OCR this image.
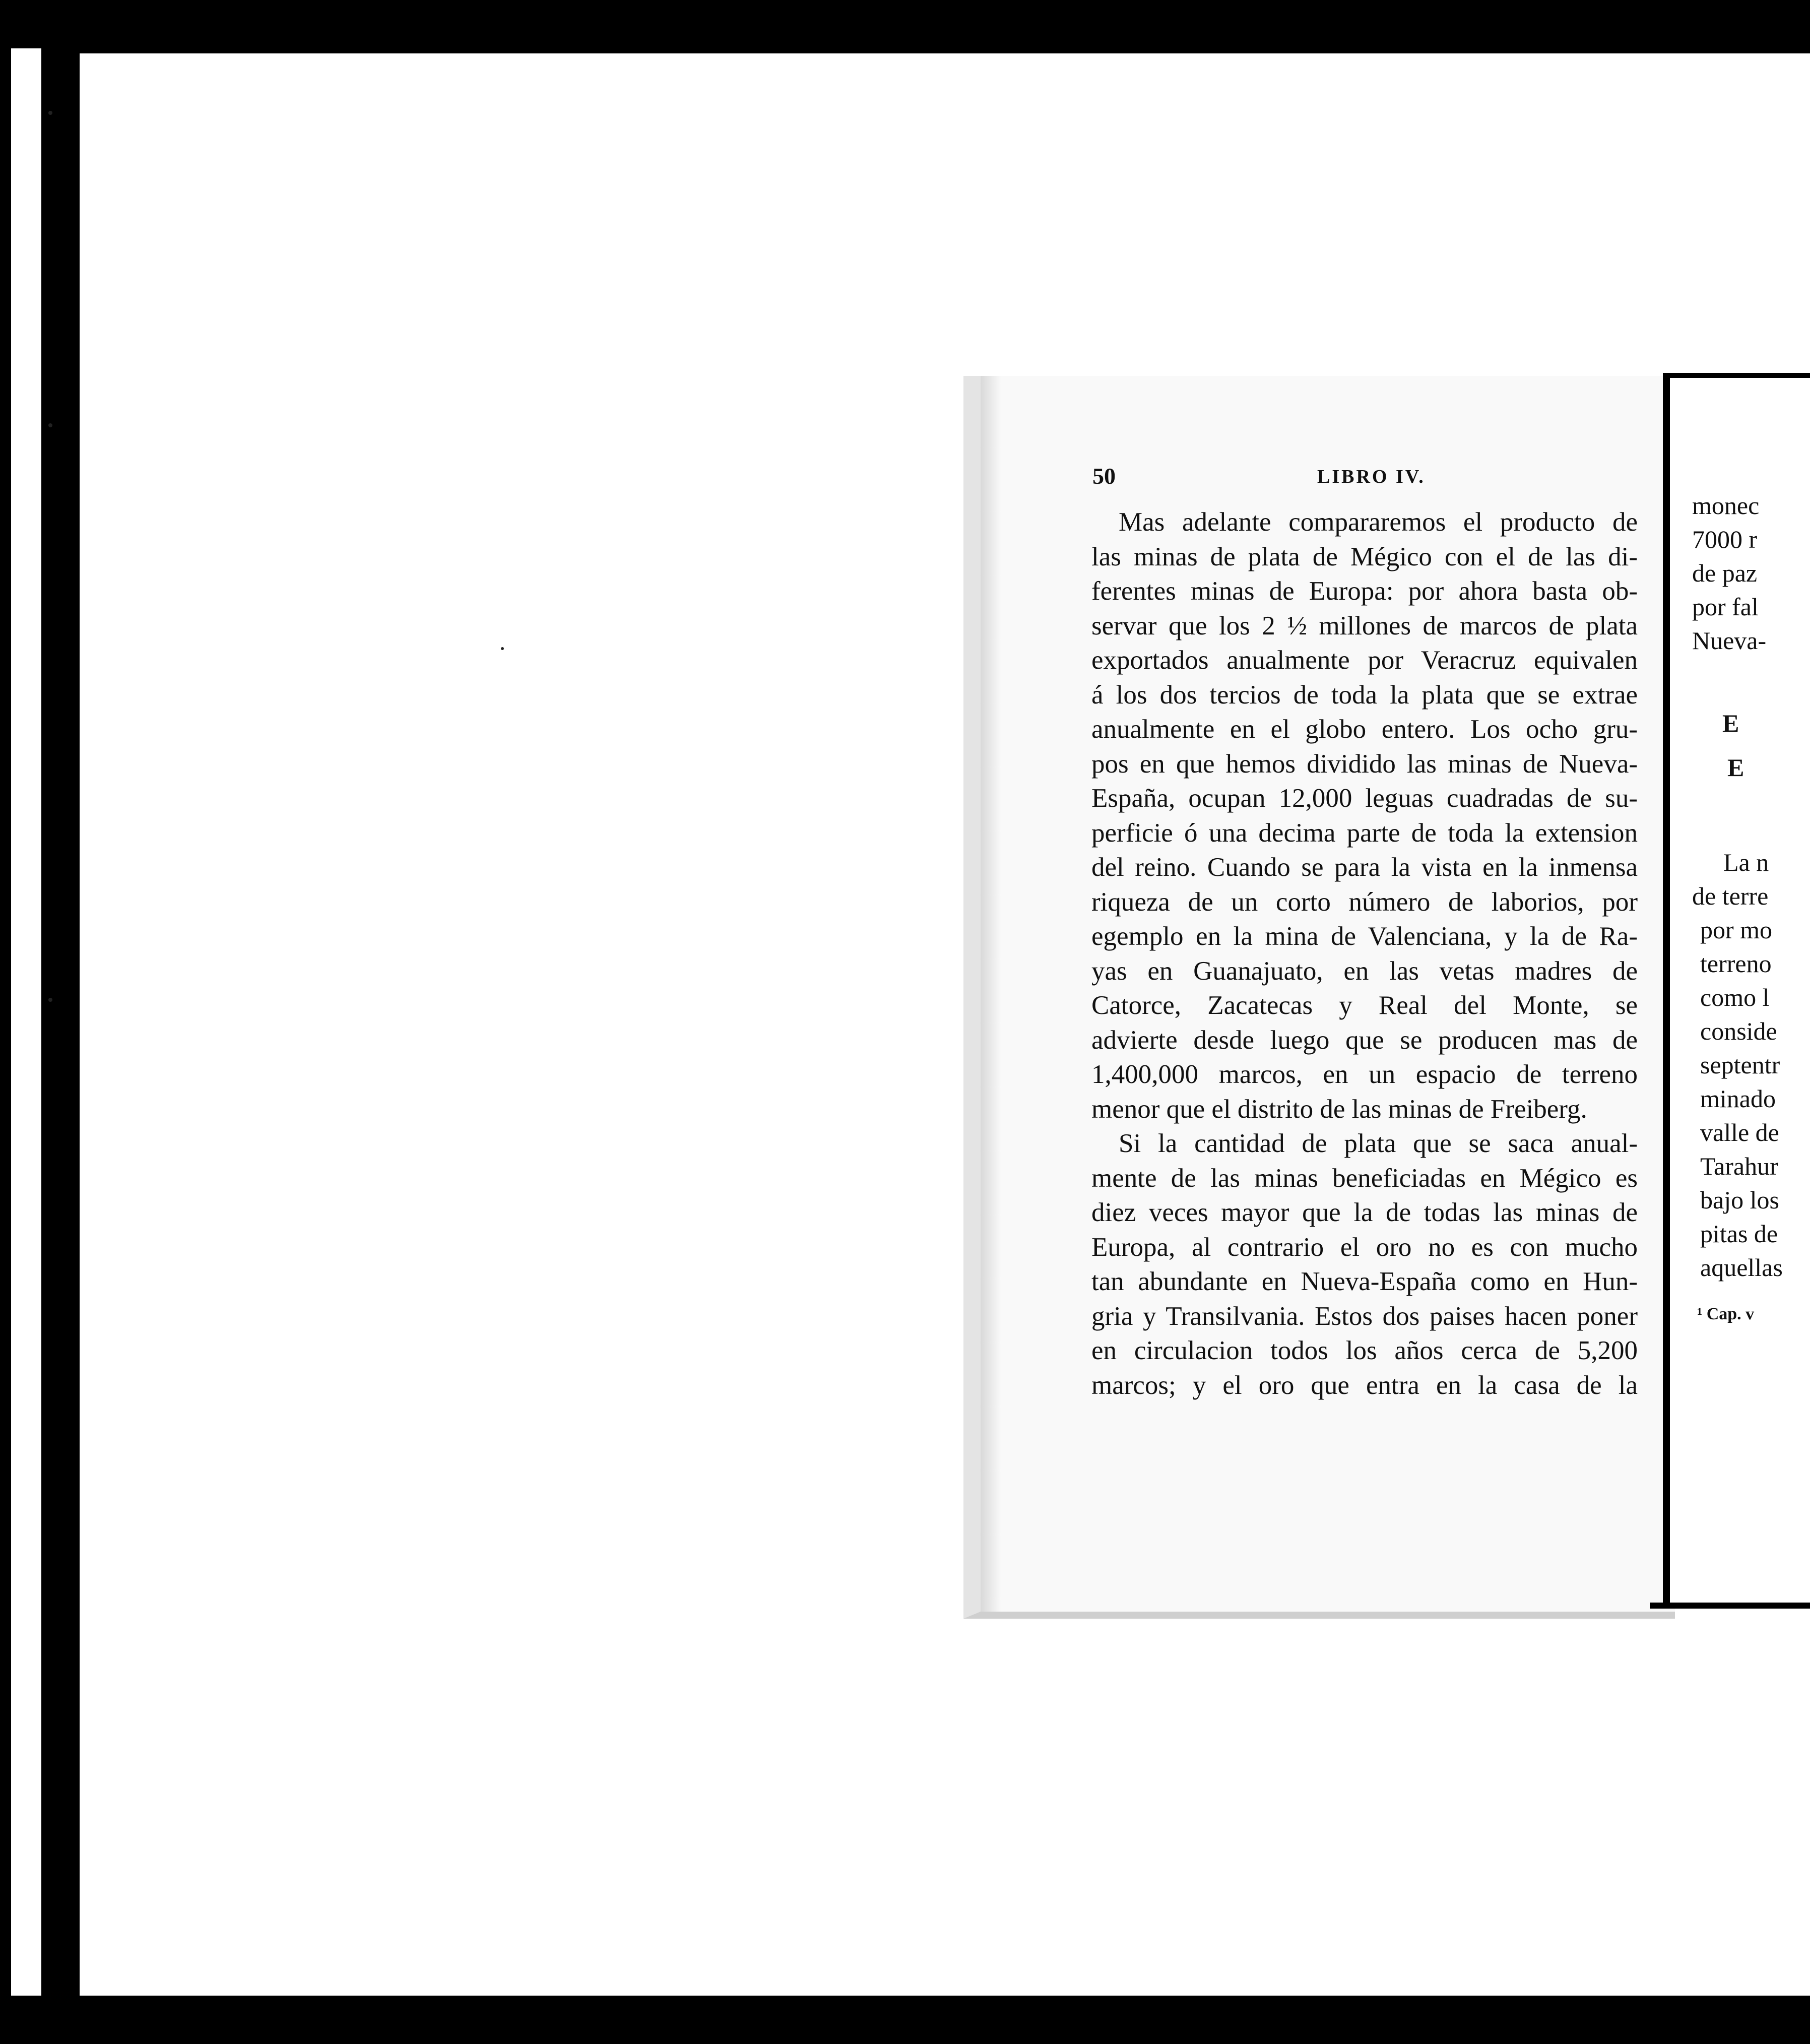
50	LIBRO IV.
Mas adelante compararemos el producto de
las minas de plata de Mégico con el de las di-
ferentes minas de Europa: por ahora basta ob-
servar que los 2 ½ millones de marcos de plata
exportados anualmente por Veracruz equivalen
á los dos tercios de toda la plata que se extrae
anualmente en el globo entero. Los ocho gru-
pos en que hemos dividido las minas de Nueva-
España, ocupan 12,000 leguas cuadradas de su-
perficie ó una decima parte de toda la extension
del reino. Cuando se para la vista en la inmensa
riqueza de un corto número de laborios, por
egemplo en la mina de Valenciana, y la de Ra-
yas en Guanajuato, en las vetas madres de
Catorce, Zacatecas y Real del Monte, se
advierte desde luego que se producen mas de
1,400,000 marcos, en un espacio de terreno
menor que el distrito de las minas de Freiberg.
Si la cantidad de plata que se saca anual-
mente de las minas beneficiadas en Mégico es
diez veces mayor que la de todas las minas de
Europa, al contrario el oro no es con mucho
tan abundante en Nueva-España como en Hun-
gria y Transilvania. Estos dos paises hacen poner
en circulacion todos los años cerca de 5,200
marcos; y el oro que entra en la casa de la
monec
7000 r
de paz
por fal
Nueva-
E
E
La n
de terre
por mo
terreno
como l
conside
septentr
minado
valle de
Tarahur
bajo los
pitas de
aquellas
¹ Cap. v
